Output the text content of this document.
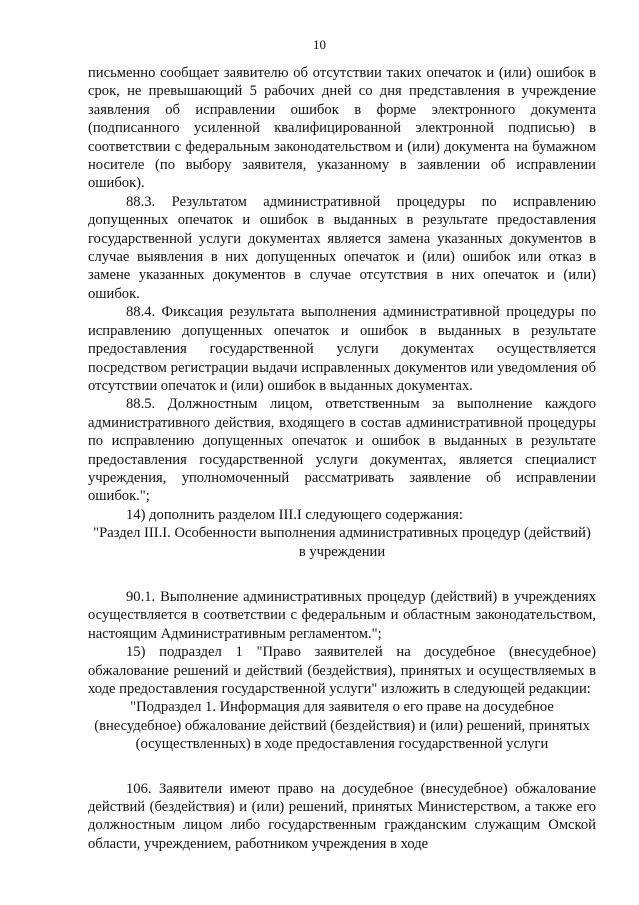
10

письменно сообщает заявителю об отсутствии таких опечаток и (или) ошибок в срок, не превышающий 5 рабочих дней со дня представления в учреждение заявления об исправлении ошибок в форме электронного документа (подписанного усиленной квалифицированной электронной подписью) в соответствии с федеральным законодательством и (или) документа на бумажном носителе (по выбору заявителя, указанному в заявлении об исправлении ошибок).

88.3. Результатом административной процедуры по исправлению допущенных опечаток и ошибок в выданных в результате предоставления государственной услуги документах является замена указанных документов в случае выявления в них допущенных опечаток и (или) ошибок или отказ в замене указанных документов в случае отсутствия в них опечаток и (или) ошибок.

88.4. Фиксация результата выполнения административной процедуры по исправлению допущенных опечаток и ошибок в выданных в результате предоставления государственной услуги документах осуществляется посредством регистрации выдачи исправленных документов или уведомления об отсутствии опечаток и (или) ошибок в выданных документах.

88.5. Должностным лицом, ответственным за выполнение каждого административного действия, входящего в состав административной процедуры по исправлению допущенных опечаток и ошибок в выданных в результате предоставления государственной услуги документах, является специалист учреждения, уполномоченный рассматривать заявление об исправлении ошибок.";

14) дополнить разделом III.I следующего содержания:

"Раздел III.I. Особенности выполнения административных процедур (действий) в учреждении

90.1. Выполнение административных процедур (действий) в учреждениях осуществляется в соответствии с федеральным и областным законодательством, настоящим Административным регламентом.";

15) подраздел 1 "Право заявителей на досудебное (внесудебное) обжалование решений и действий (бездействия), принятых и осуществляемых в ходе предоставления государственной услуги" изложить в следующей редакции:

"Подраздел 1. Информация для заявителя о его праве на досудебное (внесудебное) обжалование действий (бездействия) и (или) решений, принятых (осуществленных) в ходе предоставления государственной услуги

106. Заявители имеют право на досудебное (внесудебное) обжалование действий (бездействия) и (или) решений, принятых Министерством, а также его должностным лицом либо государственным гражданским служащим Омской области, учреждением, работником учреждения в ходе
